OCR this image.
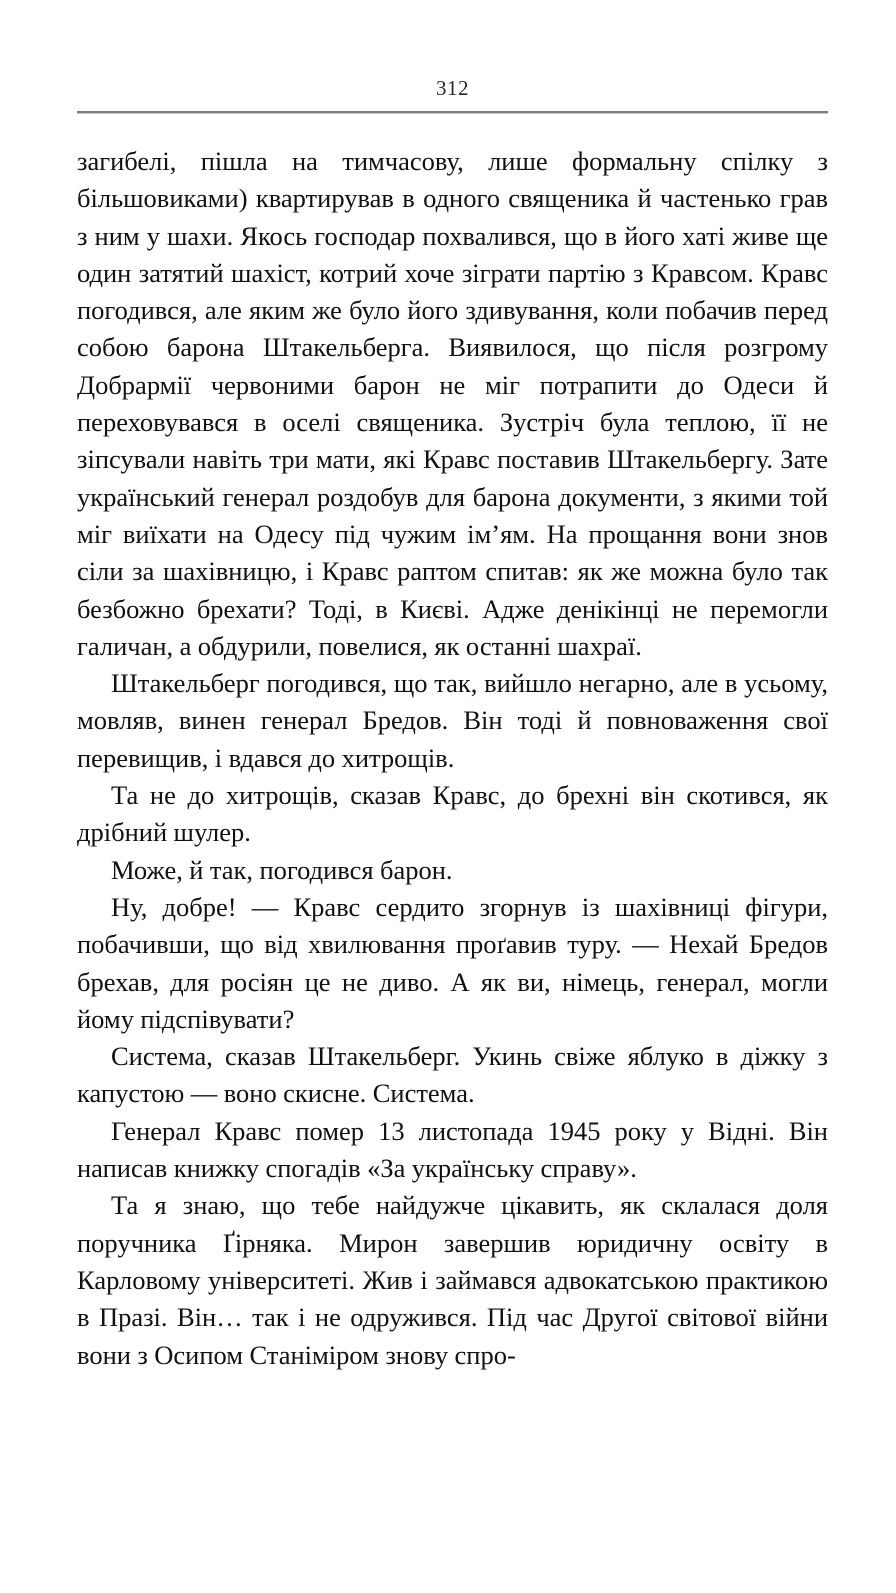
312

загибелі, пішла на тимчасову, лише формальну спілку з більшовиками) квартирував в одного священика й частенько грав з ним у шахи. Якось господар похвалився, що в його хаті живе ще один затятий шахіст, котрий хоче зіграти партію з Кравсом. Кравс погодився, але яким же було його здивування, коли побачив перед собою барона Штакельберга. Виявилося, що після розгрому Добрармії червоними барон не міг потрапити до Одеси й переховувався в оселі священика. Зустріч була теплою, її не зіпсували навіть три мати, які Кравс поставив Штакельбергу. Зате український генерал роздобув для барона документи, з якими той міг виїхати на Одесу під чужим ім’ям. На прощання вони знов сіли за шахівницю, і Кравс раптом спитав: як же можна було так безбожно брехати? Тоді, в Києві. Адже денікінці не перемогли галичан, а обдурили, повелися, як останні шахраї.

Штакельберг погодився, що так, вийшло негарно, але в усьому, мовляв, винен генерал Бредов. Він тоді й повноваження свої перевищив, і вдався до хитрощів.

Та не до хитрощів, сказав Кравс, до брехні він скотився, як дрібний шулер.

Може, й так, погодився барон.

Ну, добре! — Кравс сердито згорнув із шахівниці фігури, побачивши, що від хвилювання проґавив туру. — Нехай Бредов брехав, для росіян це не диво. А як ви, німець, генерал, могли йому підспівувати?

Система, сказав Штакельберг. Укинь свіже яблуко в діжку з капустою — воно скисне. Система.

Генерал Кравс помер 13 листопада 1945 року у Відні. Він написав книжку спогадів «За українську справу».

Та я знаю, що тебе найдужче цікавить, як склалася доля поручника Ґірняка. Мирон завершив юридичну освіту в Карловому університеті. Жив і займався адвокатською практикою в Празі. Він… так і не одружився. Під час Другої світової війни вони з Осипом Станіміром знову спро-
